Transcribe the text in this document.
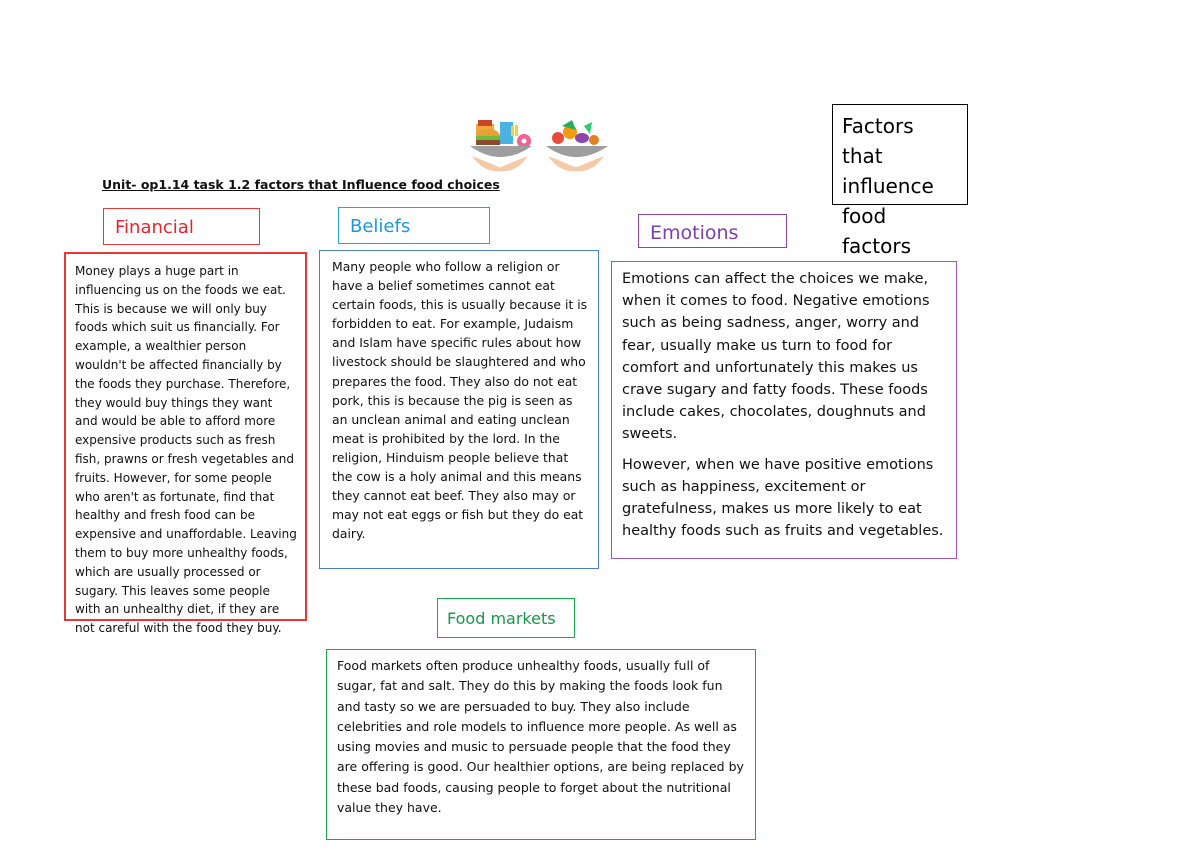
Factors that influence food factors
Unit- op1.14 task 1.2 factors that Influence food choices
Financial	Beliefs	Emotions
Food markets
Money plays a huge part in influencing us on the foods we eat. This is because we will only buy foods which suit us financially. For example, a wealthier person wouldn't be affected financially by the foods they purchase. Therefore, they would buy things they want and would be able to afford more expensive products such as fresh fish, prawns or fresh vegetables and fruits. However, for some people who aren't as fortunate, find that healthy and fresh food can be expensive and unaffordable. Leaving them to buy more unhealthy foods, which are usually processed or sugary. This leaves some people with an unhealthy diet, if they are not careful with the food they buy.
Many people who follow a religion or have a belief sometimes cannot eat certain foods, this is usually because it is forbidden to eat. For example, Judaism and Islam have specific rules about how livestock should be slaughtered and who prepares the food. They also do not eat pork, this is because the pig is seen as an unclean animal and eating unclean meat is prohibited by the lord. In the religion, Hinduism people believe that the cow is a holy animal and this means they cannot eat beef. They also may or may not eat eggs or fish but they do eat dairy.

Emotions can affect the choices we make, when it comes to food. Negative emotions such as being sadness, anger, worry and fear, usually make us turn to food for comfort and unfortunately this makes us crave sugary and fatty foods. These foods include cakes, chocolates, doughnuts and sweets.

However, when we have positive emotions such as happiness, excitement or gratefulness, makes us more likely to eat healthy foods such as fruits and vegetables.

Food markets often produce unhealthy foods, usually full of sugar, fat and salt. They do this by making the foods look fun and tasty so we are persuaded to buy. They also include celebrities and role models to influence more people. As well as using movies and music to persuade people that the food they are offering is good. Our healthier options, are being replaced by these bad foods, causing people to forget about the nutritional value they have.
